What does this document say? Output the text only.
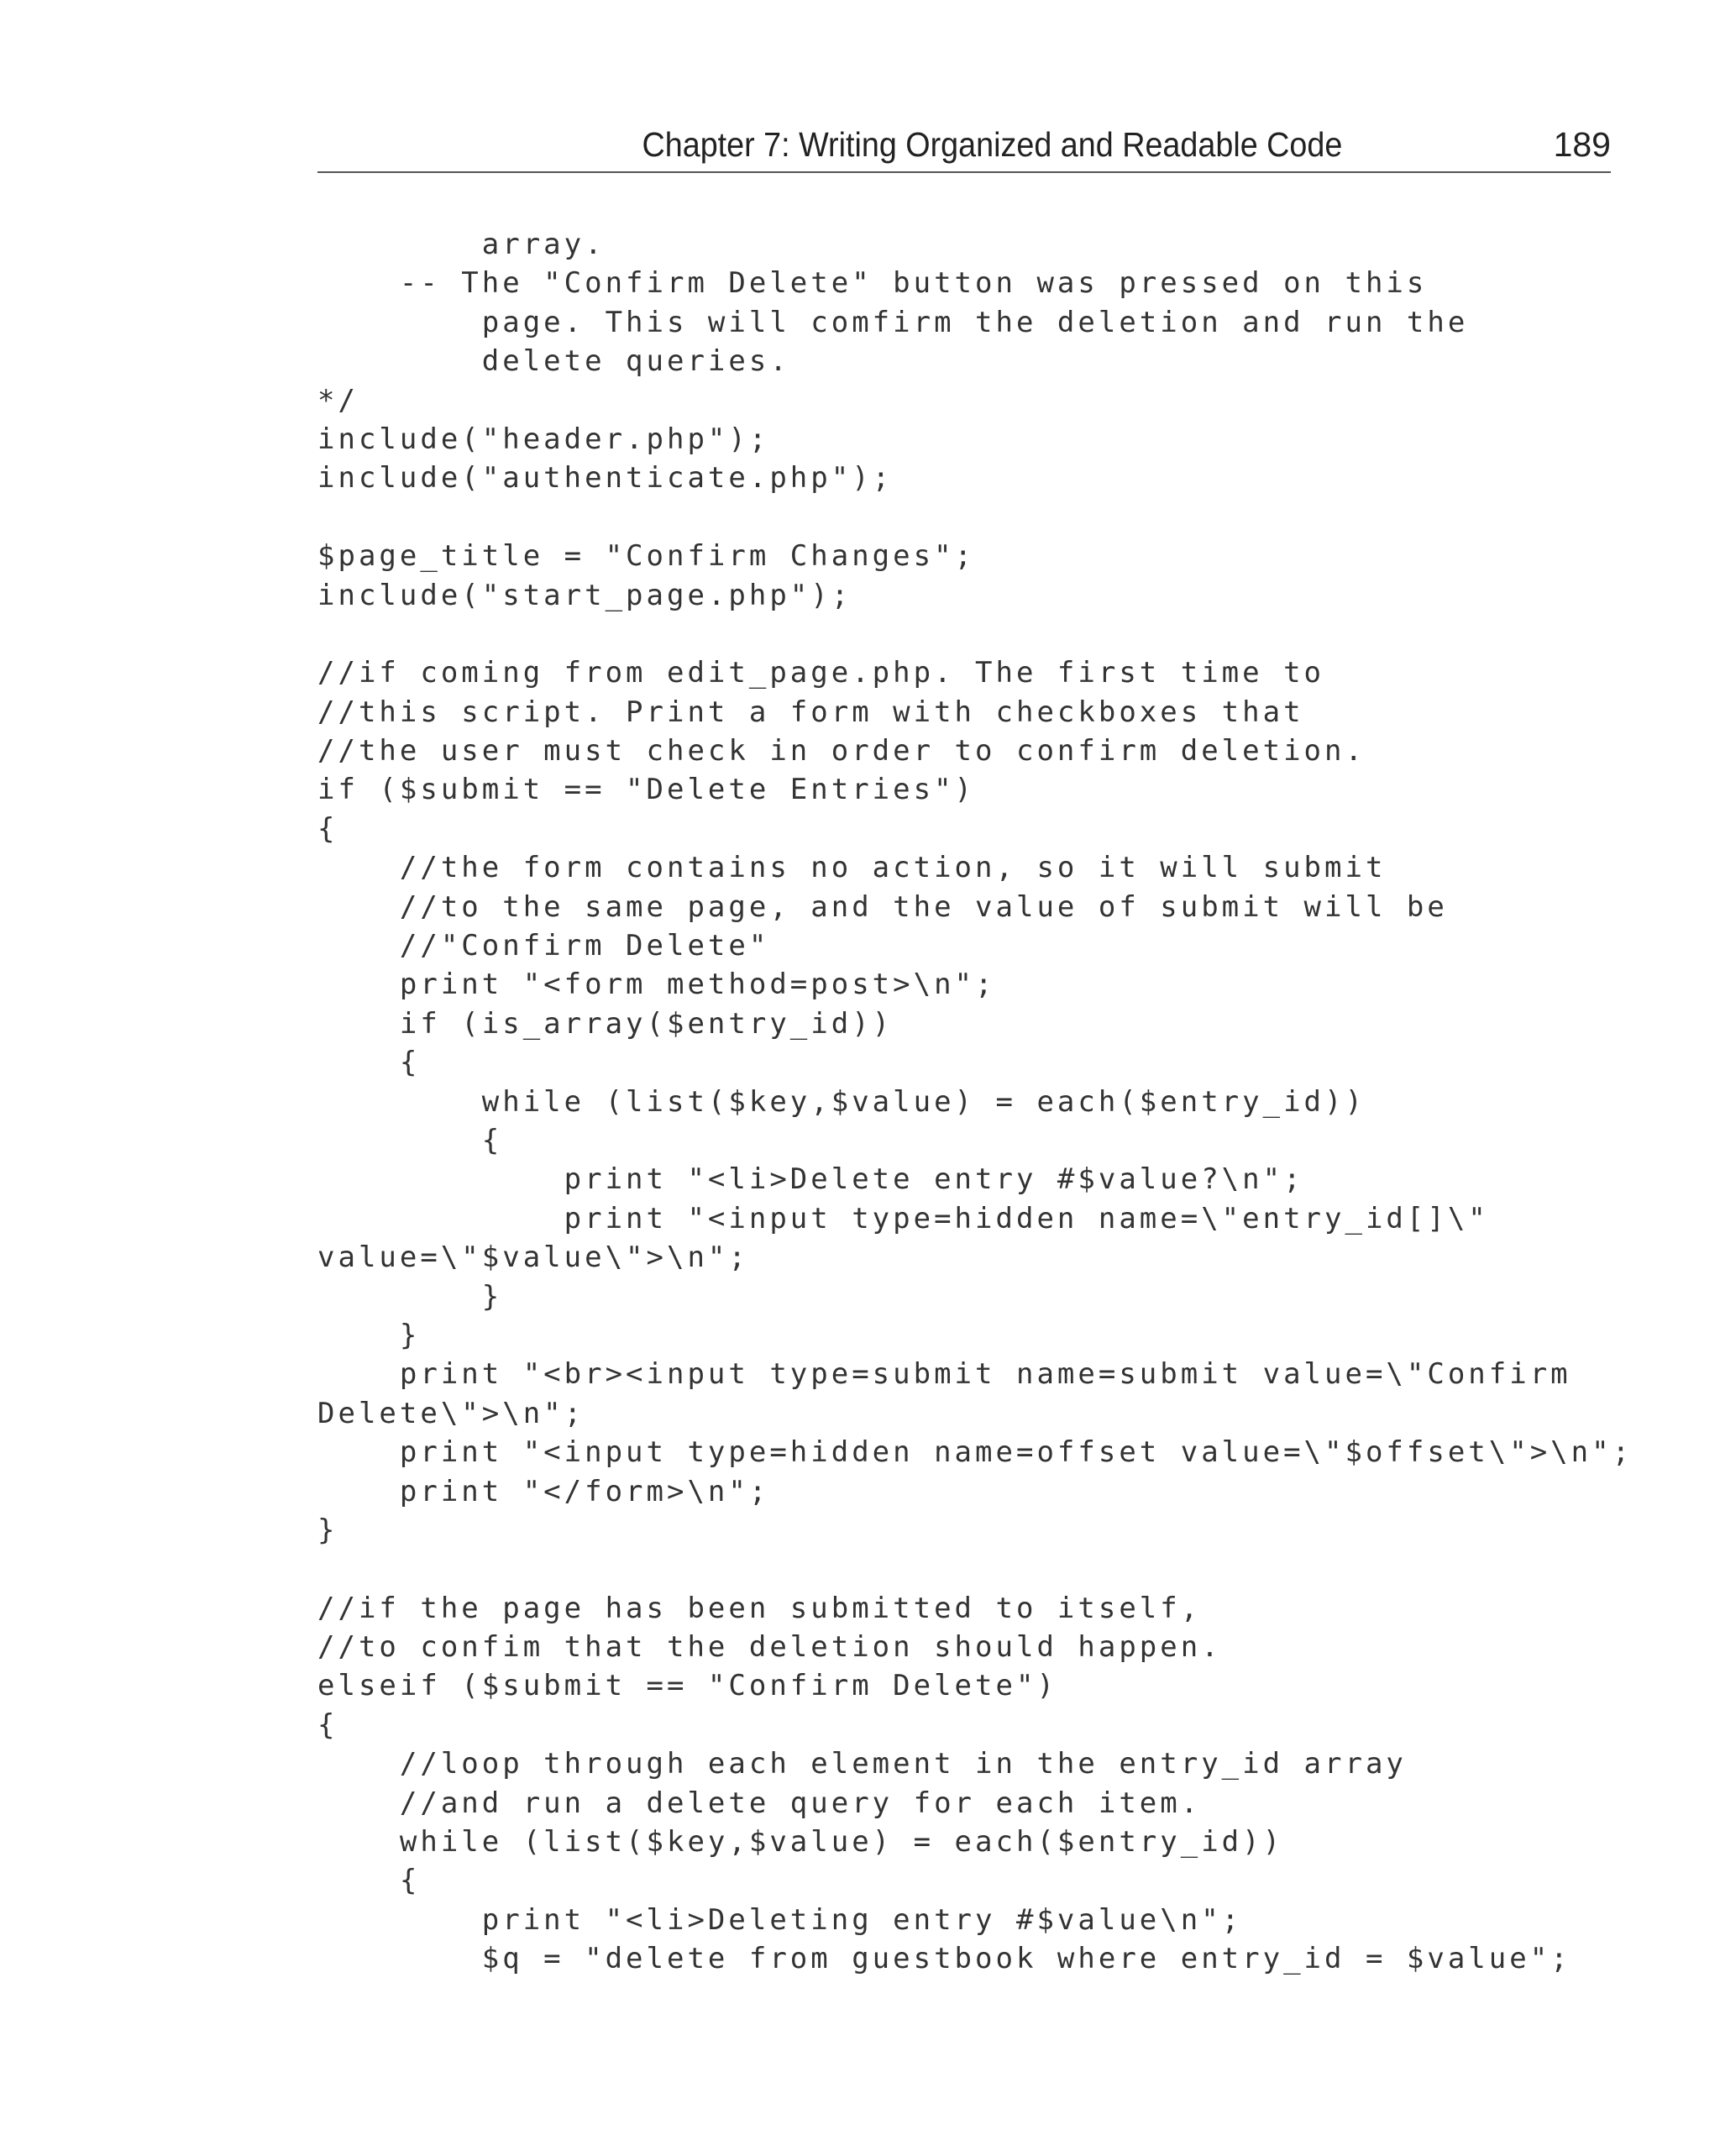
Chapter 7: Writing Organized and Readable Code	189
array.
-- The "Confirm Delete" button was pressed on this
page. This will comfirm the deletion and run the
delete queries.
*/
include("header.php");
include("authenticate.php");
$page_title = "Confirm Changes";
include("start_page.php");
//if coming from edit_page.php. The first time to
//this script. Print a form with checkboxes that
//the user must check in order to confirm deletion.
if ($submit == "Delete Entries")
{
//the form contains no action, so it will submit
//to the same page, and the value of submit will be
//"Confirm Delete"
print "<form method=post>\n";
if (is_array($entry_id))
{
while (list($key,$value) = each($entry_id))
{
print "<li>Delete entry #$value?\n";
print "<input type=hidden name=\"entry_id[]\"
value=\"$value\">\n";
}
}
print "<br><input type=submit name=submit value=\"Confirm
Delete\">\n";
print "<input type=hidden name=offset value=\"$offset\">\n";
print "</form>\n";
}
//if the page has been submitted to itself,
//to confim that the deletion should happen.
elseif ($submit == "Confirm Delete")
{
//loop through each element in the entry_id array
//and run a delete query for each item.
while (list($key,$value) = each($entry_id))
{
print "<li>Deleting entry #$value\n";
$q = "delete from guestbook where entry_id = $value";
